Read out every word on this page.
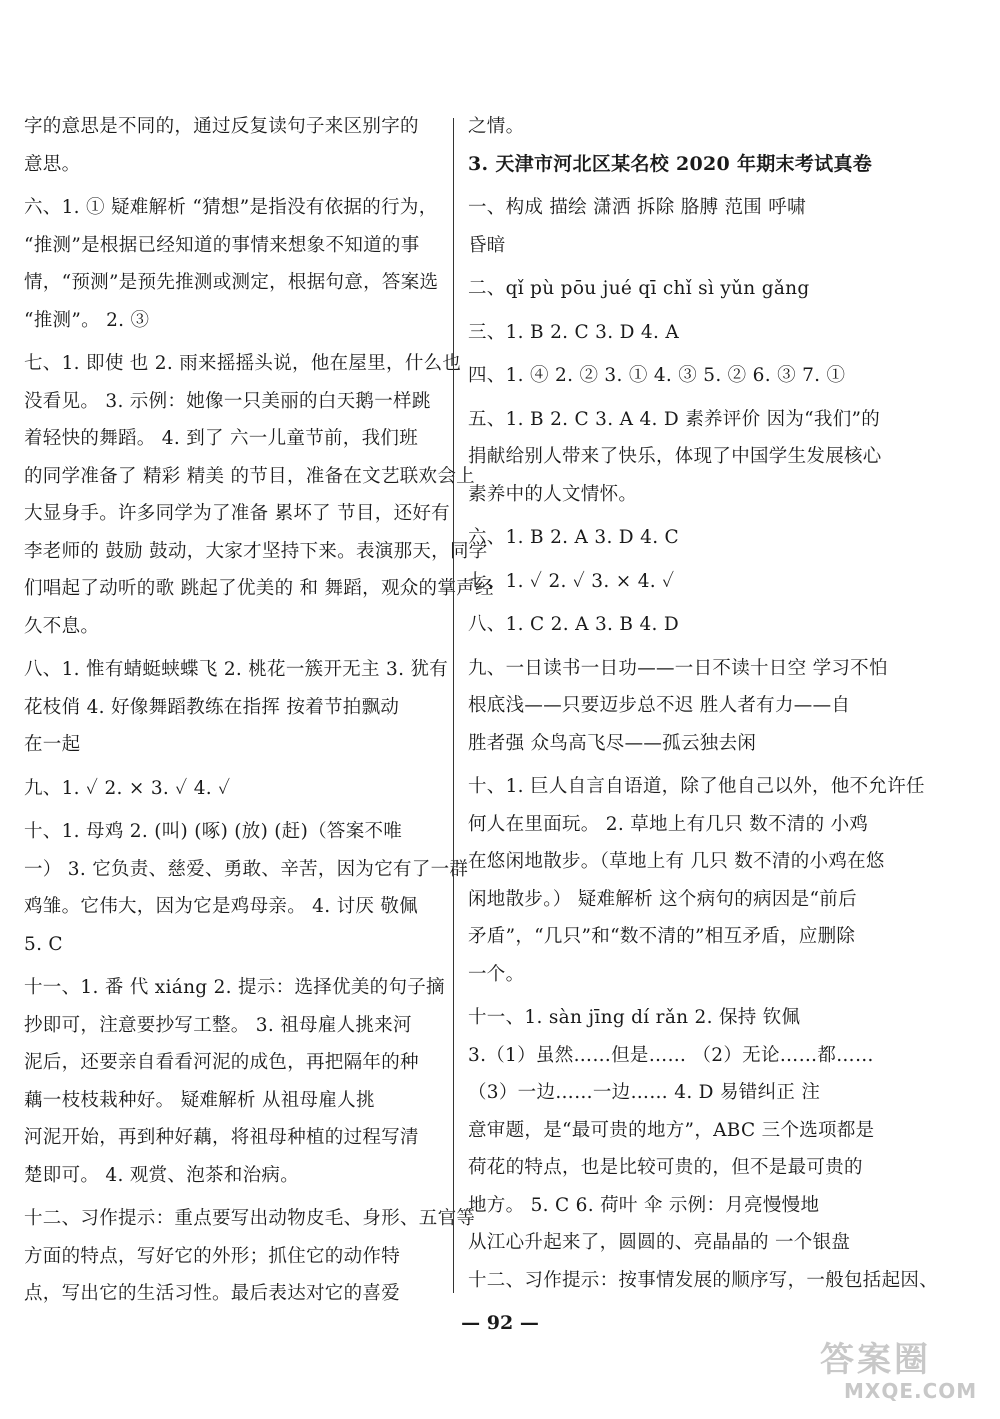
字的意思是不同的，通过反复读句子来区别字的
意思。
六、1. ① 疑难解析 “猜想”是指没有依据的行为，
“推测”是根据已经知道的事情来想象不知道的事
情，“预测”是预先推测或测定，根据句意，答案选
“推测”。 2. ③
七、1. 即使 也 2. 雨来摇摇头说，他在屋里，什么也
没看见。 3. 示例：她像一只美丽的白天鹅一样跳
着轻快的舞蹈。 4. 到了 六一儿童节前，我们班
的同学准备了 精彩 精美 的节目，准备在文艺联欢会上
大显身手。许多同学为了准备 累坏了 节目，还好有
李老师的 鼓励 鼓动，大家才坚持下来。表演那天，同学
们唱起了动听的歌 跳起了优美的 和 舞蹈，观众的掌声经
久不息。
八、1. 惟有蜻蜓蛱蝶飞 2. 桃花一簇开无主 3. 犹有
花枝俏 4. 好像舞蹈教练在指挥 按着节拍飘动
在一起
九、1. ✓ 2. × 3. ✓ 4. ✓
十、1. 母鸡 2. (叫) (啄) (放) (赶)（答案不唯
一） 3. 它负责、慈爱、勇敢、辛苦，因为它有了一群
鸡雏。它伟大，因为它是鸡母亲。 4. 讨厌 敬佩
5. C
十一、1. 番 代 xiáng 2. 提示：选择优美的句子摘
抄即可，注意要抄写工整。 3. 祖母雇人挑来河
泥后，还要亲自看看河泥的成色，再把隔年的种
藕一枝枝栽种好。 疑难解析 从祖母雇人挑
河泥开始，再到种好藕，将祖母种植的过程写清
楚即可。 4. 观赏、泡茶和治病。
十二、习作提示：重点要写出动物皮毛、身形、五官等
方面的特点，写好它的外形；抓住它的动作特
点，写出它的生活习性。最后表达对它的喜爱
之情。
3. 天津市河北区某名校 2020 年期末考试真卷
一、构成 描绘 潇洒 拆除 胳膊 范围 呼啸
昏暗
二、qǐ pù pōu jué qī chǐ sì yǔn gǎng
三、1. B 2. C 3. D 4. A
四、1. ④ 2. ② 3. ① 4. ③ 5. ② 6. ③ 7. ①
五、1. B 2. C 3. A 4. D 素养评价 因为“我们”的
捐献给别人带来了快乐，体现了中国学生发展核心
素养中的人文情怀。
六、1. B 2. A 3. D 4. C
七、1. ✓ 2. ✓ 3. × 4. ✓
八、1. C 2. A 3. B 4. D
九、一日读书一日功——一日不读十日空 学习不怕
根底浅——只要迈步总不迟 胜人者有力——自
胜者强 众鸟高飞尽——孤云独去闲
十、1. 巨人自言自语道，除了他自己以外，他不允许任
何人在里面玩。 2. 草地上有几只 数不清的 小鸡
在悠闲地散步。（草地上有 几只 数不清的小鸡在悠
闲地散步。） 疑难解析 这个病句的病因是“前后
矛盾”，“几只”和“数不清的”相互矛盾，应删除
一个。
十一、1. sàn jīng dí rǎn 2. 保持 钦佩
3.（1）虽然……但是…… （2）无论……都……
（3）一边……一边…… 4. D 易错纠正 注
意审题，是“最可贵的地方”，ABC 三个选项都是
荷花的特点，也是比较可贵的，但不是最可贵的
地方。 5. C 6. 荷叶 伞 示例：月亮慢慢地
从江心升起来了，圆圆的、亮晶晶的 一个银盘
十二、习作提示：按事情发展的顺序写，一般包括起因、
— 92 —
答案圈
MXQE.COM
